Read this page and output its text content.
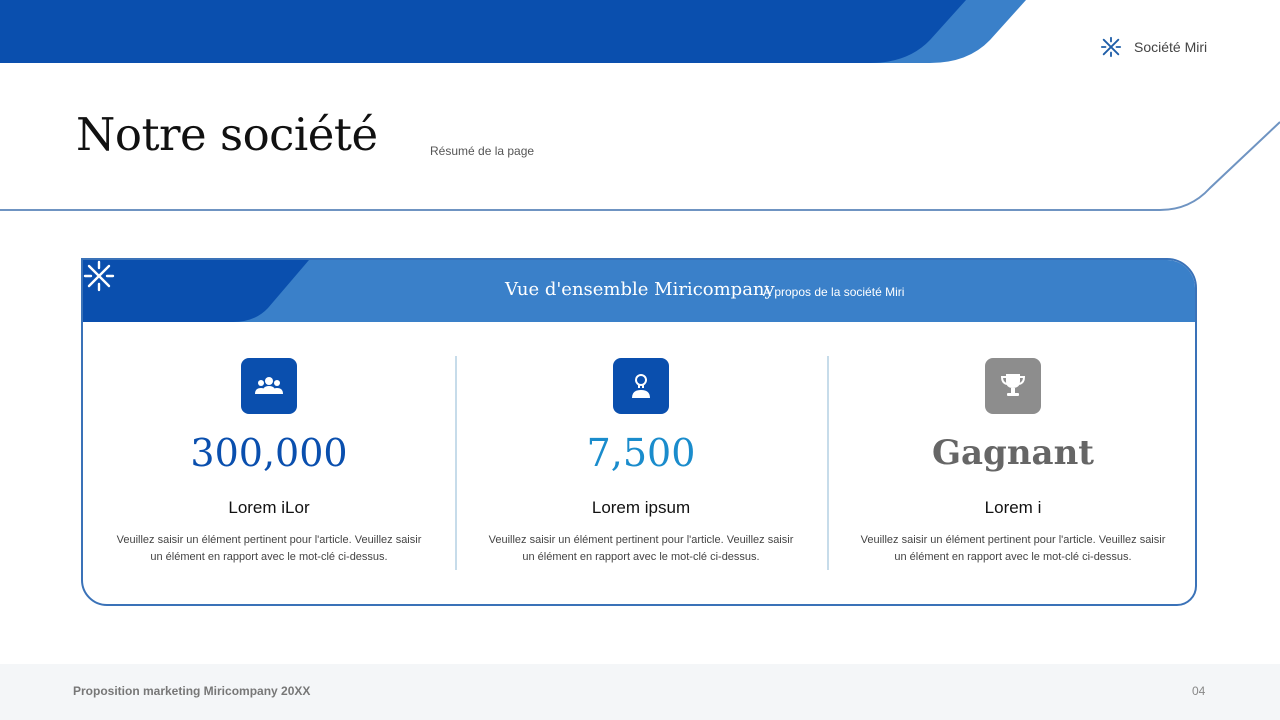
Société Miri
Notre société	Résumé de la page
Vue d'ensemble Miricompany
À propos de la société Miri
300,000
Lorem iLor
Veuillez saisir un élément pertinent pour l'article. Veuillez saisir un élément en rapport avec le mot-clé ci-dessus.
7,500
Lorem ipsum
Veuillez saisir un élément pertinent pour l'article. Veuillez saisir un élément en rapport avec le mot-clé ci-dessus.
Gagnant
Lorem i
Veuillez saisir un élément pertinent pour l'article. Veuillez saisir un élément en rapport avec le mot-clé ci-dessus.
Proposition marketing Miricompany 20XX	04
